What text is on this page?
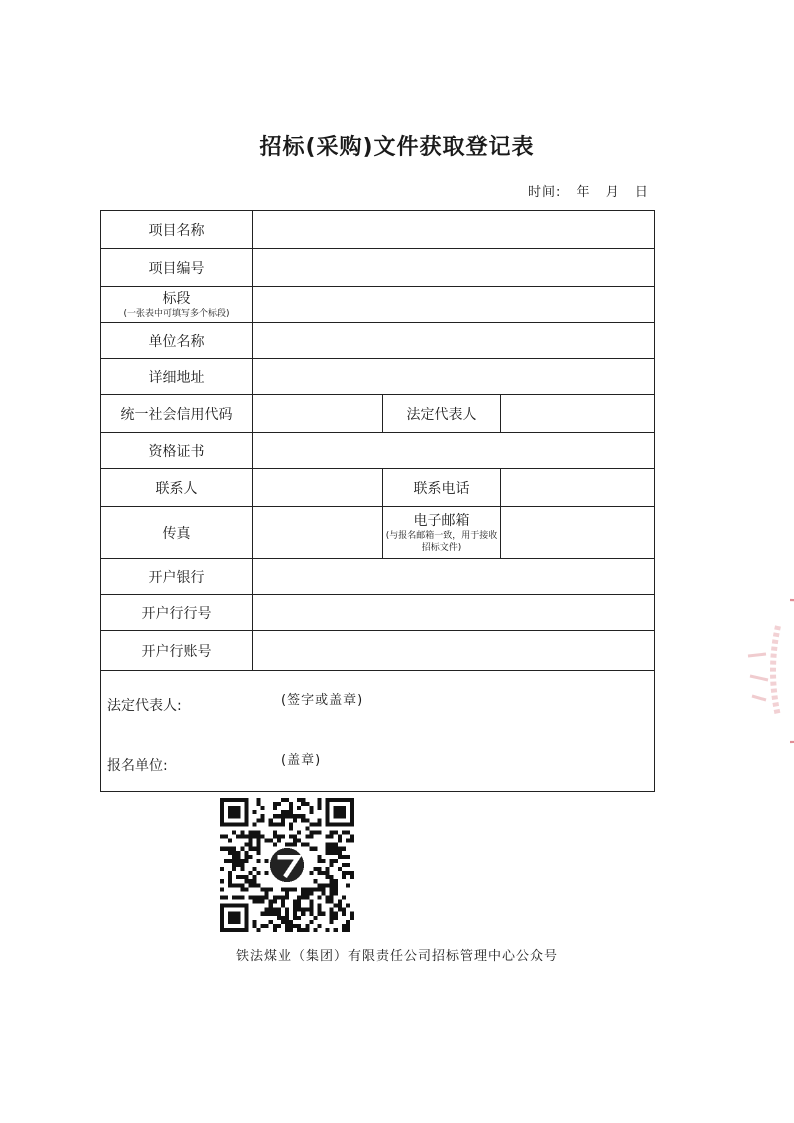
招标(采购)文件获取登记表
时间: 年 月 日
项目名称			
项目编号			

标段
(一张表中可填写多个标段)			

单位名称			
详细地址			
统一社会信用代码		法定代表人	
资格证书			
联系人		联系电话	
传真		电子邮箱
(与报名邮箱一致，用于接收招标文件)	

开户银行			
开户行行号			
开户行账号			

法定代表人: (签字或盖章)
报名单位: (盖章)			
铁法煤业（集团）有限责任公司招标管理中心公众号
